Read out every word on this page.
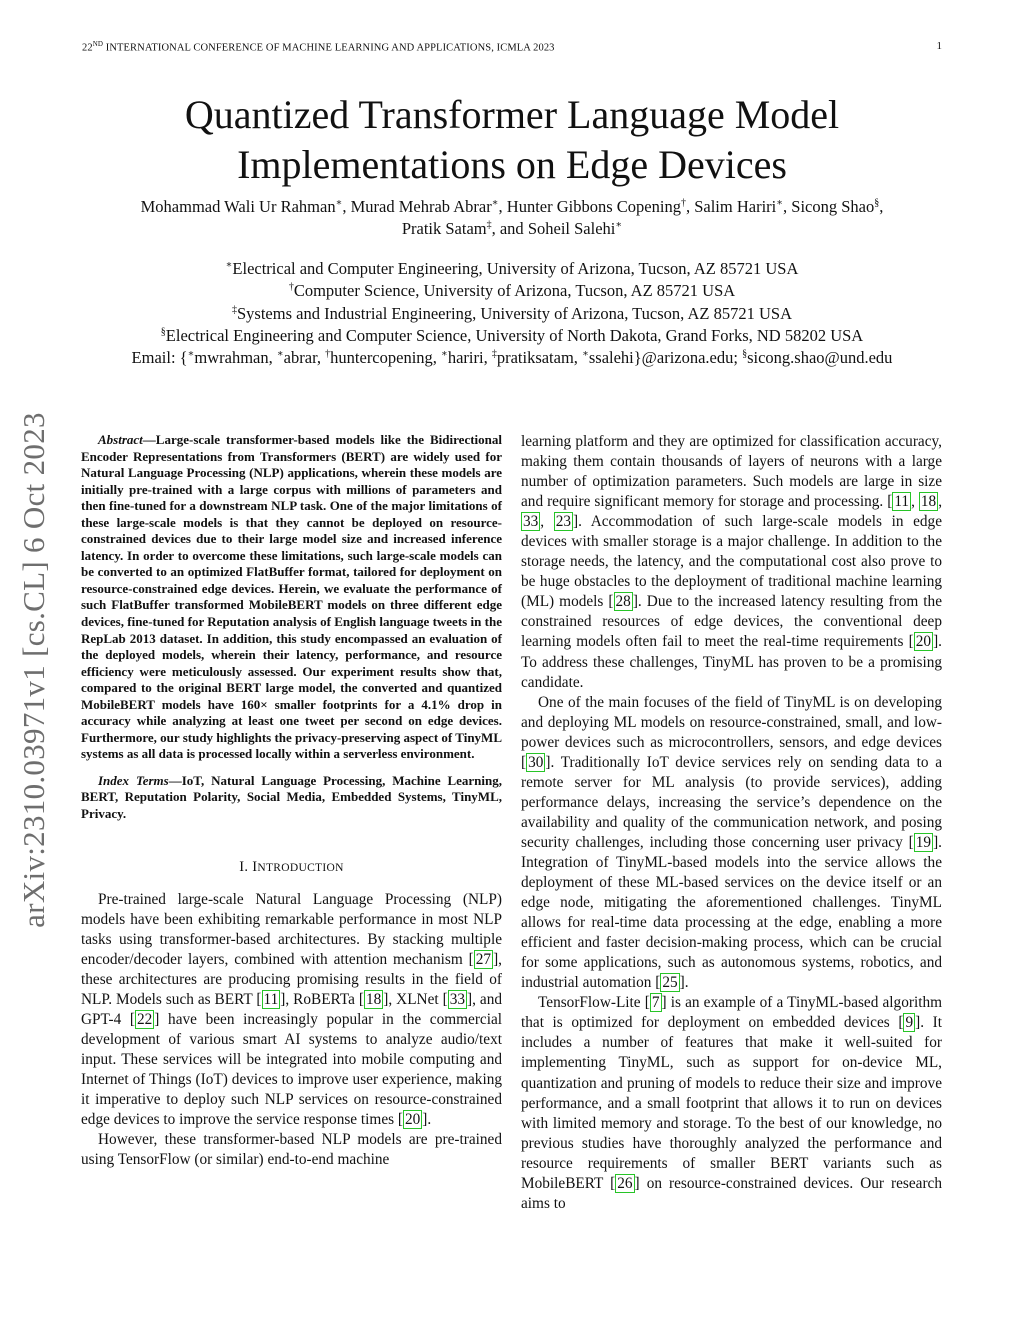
22ND INTERNATIONAL CONFERENCE OF MACHINE LEARNING AND APPLICATIONS, ICMLA 2023	1
arXiv:2310.03971v1 [cs.CL] 6 Oct 2023
Quantized Transformer Language Model
Implementations on Edge Devices
Mohammad Wali Ur Rahman∗, Murad Mehrab Abrar∗, Hunter Gibbons Copening†, Salim Hariri∗, Sicong Shao§,
Pratik Satam‡, and Soheil Salehi∗
∗Electrical and Computer Engineering, University of Arizona, Tucson, AZ 85721 USA
†Computer Science, University of Arizona, Tucson, AZ 85721 USA
‡Systems and Industrial Engineering, University of Arizona, Tucson, AZ 85721 USA
§Electrical Engineering and Computer Science, University of North Dakota, Grand Forks, ND 58202 USA
Email: {∗mwrahman, ∗abrar, †huntercopening, ∗hariri, ‡pratiksatam, ∗ssalehi}@arizona.edu; §sicong.shao@und.edu

Abstract—Large-scale transformer-based models like the Bidirectional Encoder Representations from Transformers (BERT) are widely used for Natural Language Processing (NLP) applications, wherein these models are initially pre-trained with a large corpus with millions of parameters and then fine-tuned for a downstream NLP task. One of the major limitations of these large-scale models is that they cannot be deployed on resource-constrained devices due to their large model size and increased inference latency. In order to overcome these limitations, such large-scale models can be converted to an optimized FlatBuffer format, tailored for deployment on resource-constrained edge devices. Herein, we evaluate the performance of such FlatBuffer transformed MobileBERT models on three different edge devices, fine-tuned for Reputation analysis of English language tweets in the RepLab 2013 dataset. In addition, this study encompassed an evaluation of the deployed models, wherein their latency, performance, and resource efficiency were meticulously assessed. Our experiment results show that, compared to the original BERT large model, the converted and quantized MobileBERT models have 160× smaller footprints for a 4.1% drop in accuracy while analyzing at least one tweet per second on edge devices. Furthermore, our study highlights the privacy-preserving aspect of TinyML systems as all data is processed locally within a serverless environment.

Index Terms—IoT, Natural Language Processing, Machine Learning, BERT, Reputation Polarity, Social Media, Embedded Systems, TinyML, Privacy.

I. INTRODUCTION

Pre-trained large-scale Natural Language Processing (NLP) models have been exhibiting remarkable performance in most NLP tasks using transformer-based architectures. By stacking multiple encoder/decoder layers, combined with attention mechanism [ 27 ], these architectures are producing promising results in the field of NLP. Models such as BERT [ 11 ], RoBERTa [ 18 ], XLNet [ 33 ], and GPT-4 [ 22 ] have been increasingly popular in the commercial development of various smart AI systems to analyze audio/text input. These services will be integrated into mobile computing and Internet of Things (IoT) devices to improve user experience, making it imperative to deploy such NLP services on resource-constrained edge devices to improve the service response times [ 20 ].

However, these transformer-based NLP models are pre-trained using TensorFlow (or similar) end-to-end machine

learning platform and they are optimized for classification accuracy, making them contain thousands of layers of neurons with a large number of optimization parameters. Such models are large in size and require significant memory for storage and processing. [ 11 , 18 , 33 , 23 ]. Accommodation of such large-scale models in edge devices with smaller storage is a major challenge. In addition to the storage needs, the latency, and the computational cost also prove to be huge obstacles to the deployment of traditional machine learning (ML) models [ 28 ]. Due to the increased latency resulting from the constrained resources of edge devices, the conventional deep learning models often fail to meet the real-time requirements [ 20 ]. To address these challenges, TinyML has proven to be a promising candidate.

One of the main focuses of the field of TinyML is on developing and deploying ML models on resource-constrained, small, and low-power devices such as microcontrollers, sensors, and edge devices [ 30 ]. Traditionally IoT device services rely on sending data to a remote server for ML analysis (to provide services), adding performance delays, increasing the service’s dependence on the availability and quality of the communication network, and posing security challenges, including those concerning user privacy [ 19 ]. Integration of TinyML-based models into the service allows the deployment of these ML-based services on the device itself or an edge node, mitigating the aforementioned challenges. TinyML allows for real-time data processing at the edge, enabling a more efficient and faster decision-making process, which can be crucial for some applications, such as autonomous systems, robotics, and industrial automation [ 25 ].

TensorFlow-Lite [ 7 ] is an example of a TinyML-based algorithm that is optimized for deployment on embedded devices [ 9 ]. It includes a number of features that make it well-suited for implementing TinyML, such as support for on-device ML, quantization and pruning of models to reduce their size and improve performance, and a small footprint that allows it to run on devices with limited memory and storage. To the best of our knowledge, no previous studies have thoroughly analyzed the performance and resource requirements of smaller BERT variants such as MobileBERT [ 26 ] on resource-constrained devices. Our research aims to
